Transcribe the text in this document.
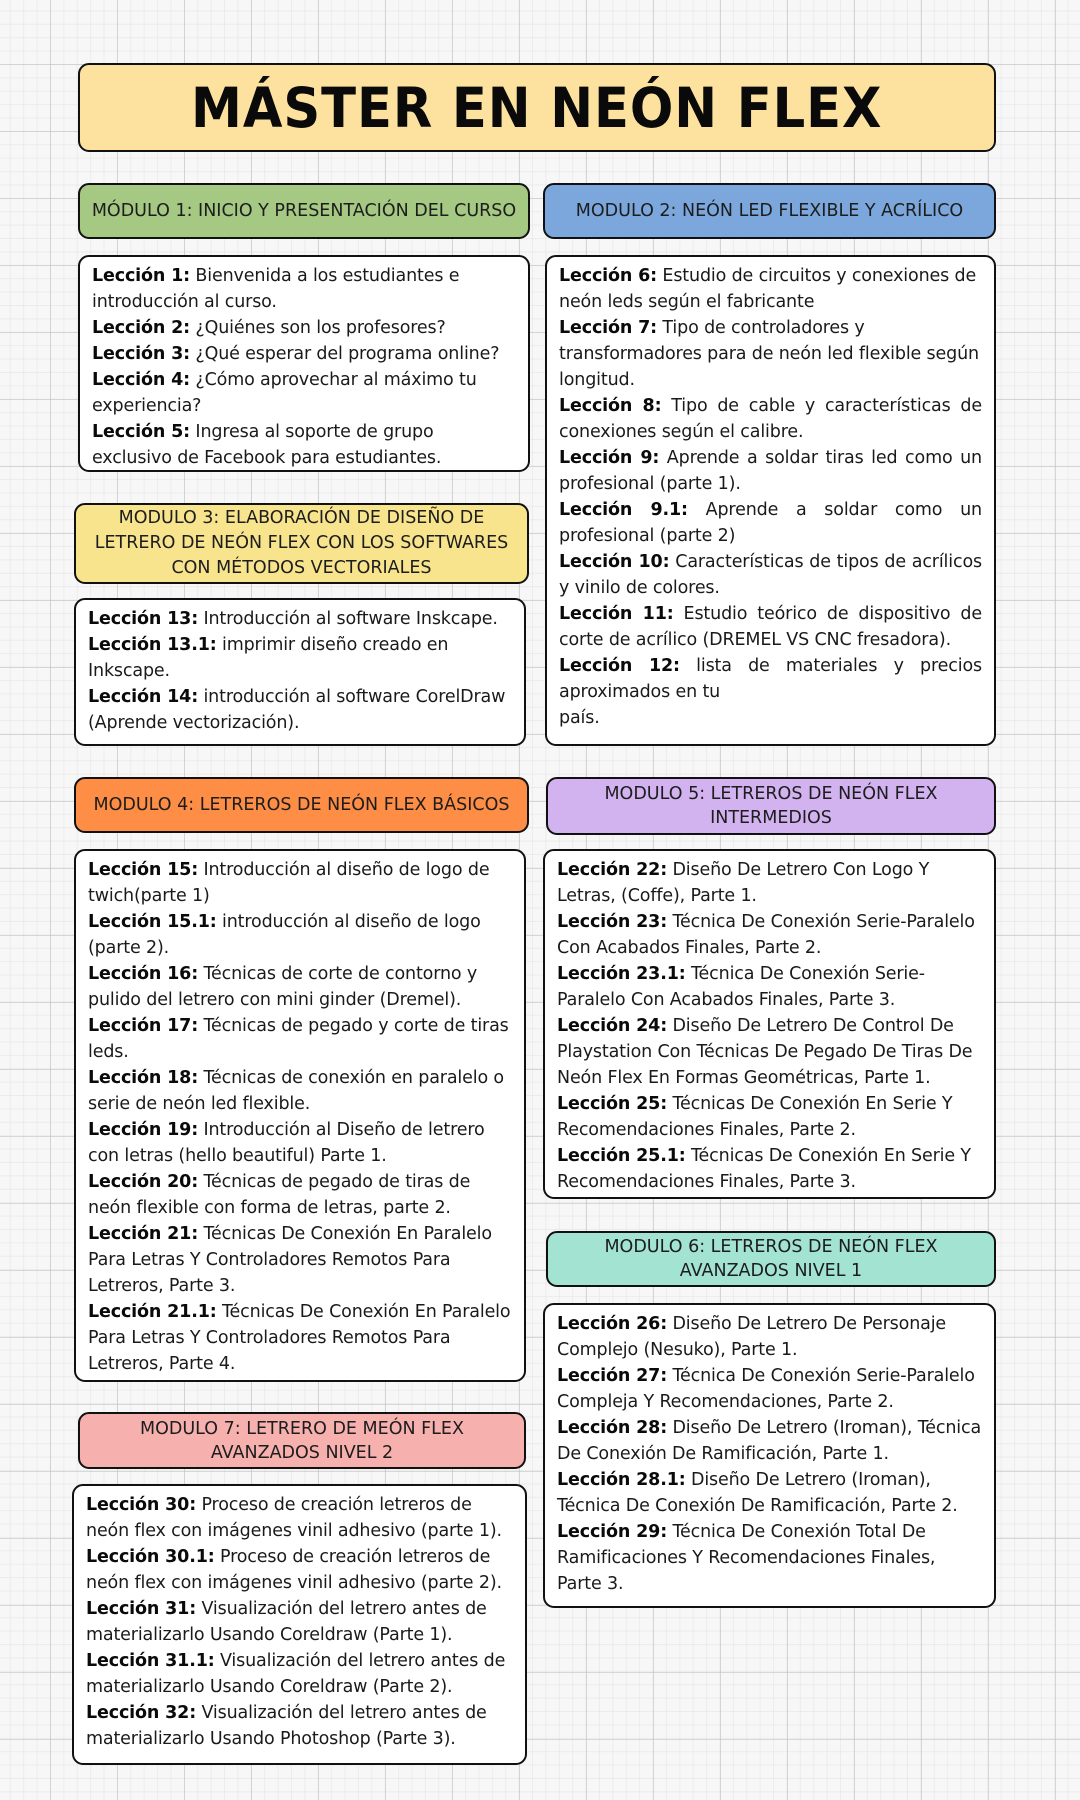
MÁSTER EN NEÓN FLEX
MÓDULO 1: INICIO Y PRESENTACIÓN DEL CURSO

Lección 1: Bienvenida a los estudiantes e introducción al curso.

Lección 2: ¿Quiénes son los profesores?

Lección 3: ¿Qué esperar del programa online?

Lección 4: ¿Cómo aprovechar al máximo tu experiencia?

Lección 5: Ingresa al soporte de grupo exclusivo de Facebook para estudiantes.

MODULO 2: NEÓN LED FLEXIBLE Y ACRÍLICO

Lección 6: Estudio de circuitos y conexiones de neón leds según el fabricante

Lección 7: Tipo de controladores y transformadores para de neón led flexible según longitud.

Lección 8: Tipo de cable y características de conexiones según el calibre.

Lección 9: Aprende a soldar tiras led como un profesional (parte 1).

Lección 9.1: Aprende a soldar como un profesional (parte 2)

Lección 10: Características de tipos de acrílicos y vinilo de colores.

Lección 11: Estudio teórico de dispositivo de corte de acrílico (DREMEL VS CNC fresadora).

Lección 12: lista de materiales y precios aproximados en tu
país.

MODULO 3: ELABORACIÓN DE DISEÑO DE
LETRERO DE NEÓN FLEX CON LOS SOFTWARES
CON MÉTODOS VECTORIALES

Lección 13: Introducción al software Inskcape.

Lección 13.1: imprimir diseño creado en Inkscape.

Lección 14: introducción al software CorelDraw (Aprende vectorización).

MODULO 4: LETREROS DE NEÓN FLEX BÁSICOS

Lección 15: Introducción al diseño de logo de twich(parte 1)

Lección 15.1: introducción al diseño de logo (parte 2).

Lección 16: Técnicas de corte de contorno y pulido del letrero con mini ginder (Dremel).

Lección 17: Técnicas de pegado y corte de tiras leds.

Lección 18: Técnicas de conexión en paralelo o serie de neón led flexible.

Lección 19: Introducción al Diseño de letrero con letras (hello beautiful) Parte 1.

Lección 20: Técnicas de pegado de tiras de neón flexible con forma de letras, parte 2.

Lección 21: Técnicas De Conexión En Paralelo Para Letras Y Controladores Remotos Para Letreros, Parte 3.

Lección 21.1: Técnicas De Conexión En Paralelo Para Letras Y Controladores Remotos Para Letreros, Parte 4.

MODULO 5: LETREROS DE NEÓN FLEX
INTERMEDIOS

Lección 22: Diseño De Letrero Con Logo Y Letras, (Coffe), Parte 1.

Lección 23: Técnica De Conexión Serie-Paralelo Con Acabados Finales, Parte 2.

Lección 23.1: Técnica De Conexión Serie-Paralelo Con Acabados Finales, Parte 3.

Lección 24: Diseño De Letrero De Control De Playstation Con Técnicas De Pegado De Tiras De Neón Flex En Formas Geométricas, Parte 1.

Lección 25: Técnicas De Conexión En Serie Y Recomendaciones Finales, Parte 2.

Lección 25.1: Técnicas De Conexión En Serie Y Recomendaciones Finales, Parte 3.

MODULO 6: LETREROS DE NEÓN FLEX
AVANZADOS NIVEL 1

Lección 26: Diseño De Letrero De Personaje Complejo (Nesuko), Parte 1.

Lección 27: Técnica De Conexión Serie-Paralelo Compleja Y Recomendaciones, Parte 2.

Lección 28: Diseño De Letrero (Iroman), Técnica De Conexión De Ramificación, Parte 1.

Lección 28.1: Diseño De Letrero (Iroman), Técnica De Conexión De Ramificación, Parte 2.

Lección 29: Técnica De Conexión Total De Ramificaciones Y Recomendaciones Finales, Parte 3.

MODULO 7: LETRERO DE MEÓN FLEX
AVANZADOS NIVEL 2

Lección 30: Proceso de creación letreros de neón flex con imágenes vinil adhesivo (parte 1).

Lección 30.1: Proceso de creación letreros de neón flex con imágenes vinil adhesivo (parte 2).

Lección 31: Visualización del letrero antes de materializarlo Usando Coreldraw (Parte 1).

Lección 31.1: Visualización del letrero antes de materializarlo Usando Coreldraw (Parte 2).

Lección 32: Visualización del letrero antes de materializarlo Usando Photoshop (Parte 3).
